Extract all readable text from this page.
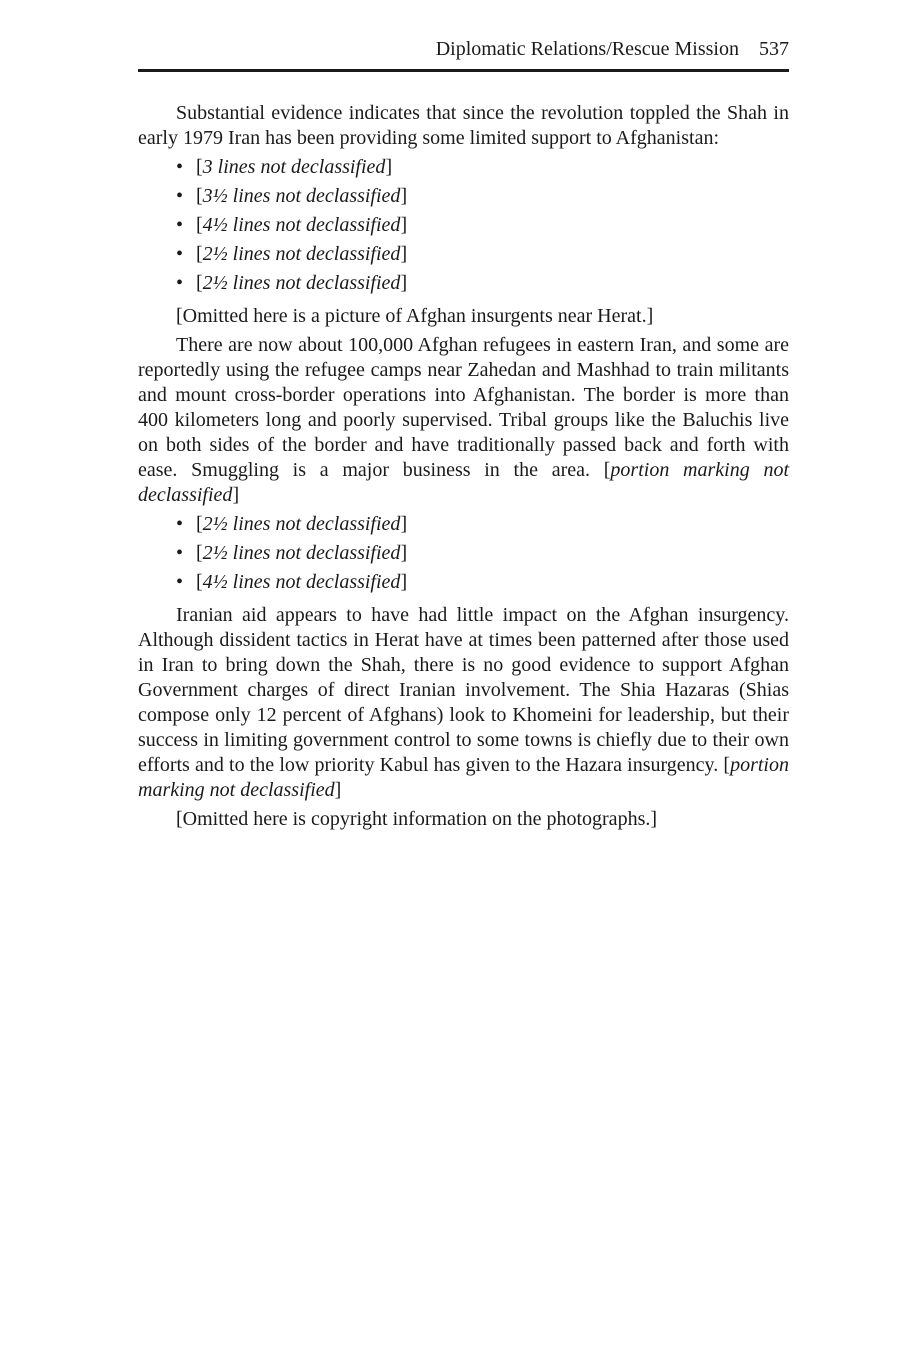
Diplomatic Relations/Rescue Mission 537

Substantial evidence indicates that since the revolution toppled the Shah in early 1979 Iran has been providing some limited support to Afghanistan:

• [3 lines not declassified]
• [3½ lines not declassified]
• [4½ lines not declassified]
• [2½ lines not declassified]
• [2½ lines not declassified]

[Omitted here is a picture of Afghan insurgents near Herat.]

There are now about 100,000 Afghan refugees in eastern Iran, and some are reportedly using the refugee camps near Zahedan and Mashhad to train militants and mount cross-border operations into Afghanistan. The border is more than 400 kilometers long and poorly supervised. Tribal groups like the Baluchis live on both sides of the border and have traditionally passed back and forth with ease. Smuggling is a major business in the area. [portion marking not declassified]

• [2½ lines not declassified]
• [2½ lines not declassified]
• [4½ lines not declassified]

Iranian aid appears to have had little impact on the Afghan insurgency. Although dissident tactics in Herat have at times been patterned after those used in Iran to bring down the Shah, there is no good evidence to support Afghan Government charges of direct Iranian involvement. The Shia Hazaras (Shias compose only 12 percent of Afghans) look to Khomeini for leadership, but their success in limiting government control to some towns is chiefly due to their own efforts and to the low priority Kabul has given to the Hazara insurgency. [portion marking not declassified]

[Omitted here is copyright information on the photographs.]
